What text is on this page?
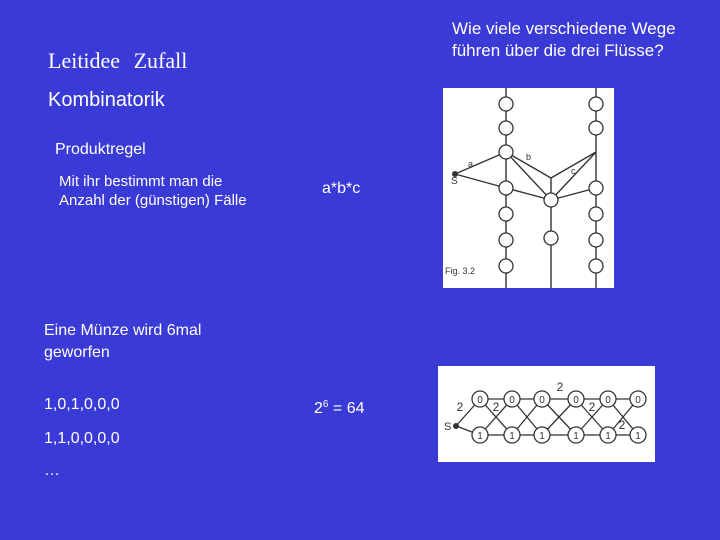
Leitidee Zufall
Kombinatorik
Wie viele verschiedene Wege führen über die drei Flüsse?
Produktregel
Mit ihr bestimmt man die Anzahl der (günstigen) Fälle
a*b*c
Eine Münze wird 6mal geworfen
1,0,1,0,0,0
1,1,0,0,0,0
…
$2^6 = 64$
S
a
b
c
Fig. 3.2
0	0 0	0	0 0
1	1 1	1	1 1
2 2
2
2
2
S
